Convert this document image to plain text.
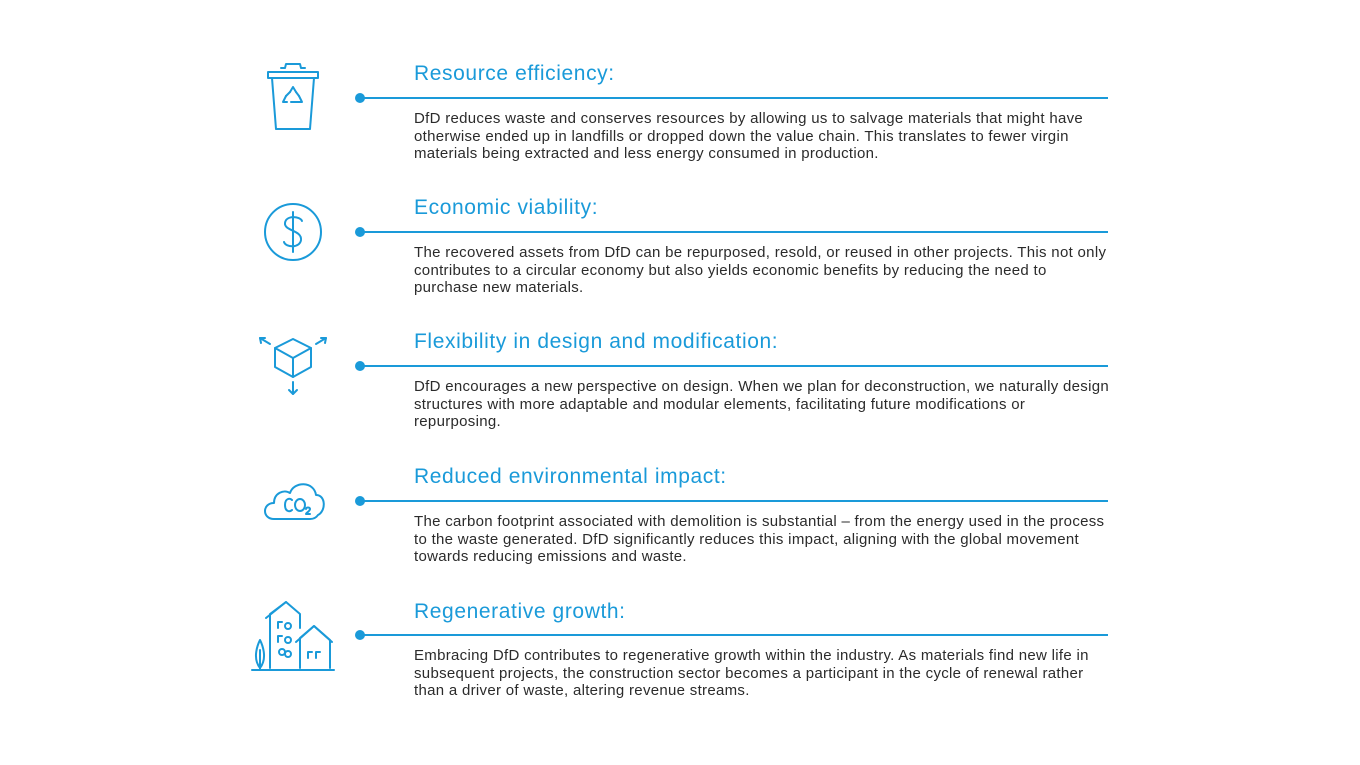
Resource efficiency:

DfD reduces waste and conserves resources by allowing us to salvage materials that might have otherwise ended up in landfills or dropped down the value chain. This translates to fewer virgin materials being extracted and less energy consumed in production.

Economic viability:

The recovered assets from DfD can be repurposed, resold, or reused in other projects. This not only contributes to a circular economy but also yields economic benefits by reducing the need to purchase new materials.

Flexibility in design and modification:

DfD encourages a new perspective on design. When we plan for deconstruction, we naturally design structures with more adaptable and modular elements, facilitating future modifications or repurposing.

Reduced environmental impact:

The carbon footprint associated with demolition is substantial – from the energy used in the process to the waste generated. DfD significantly reduces this impact, aligning with the global movement towards reducing emissions and waste.

Regenerative growth:

Embracing DfD contributes to regenerative growth within the industry. As materials find new life in subsequent projects, the construction sector becomes a participant in the cycle of renewal rather than a driver of waste, altering revenue streams.
